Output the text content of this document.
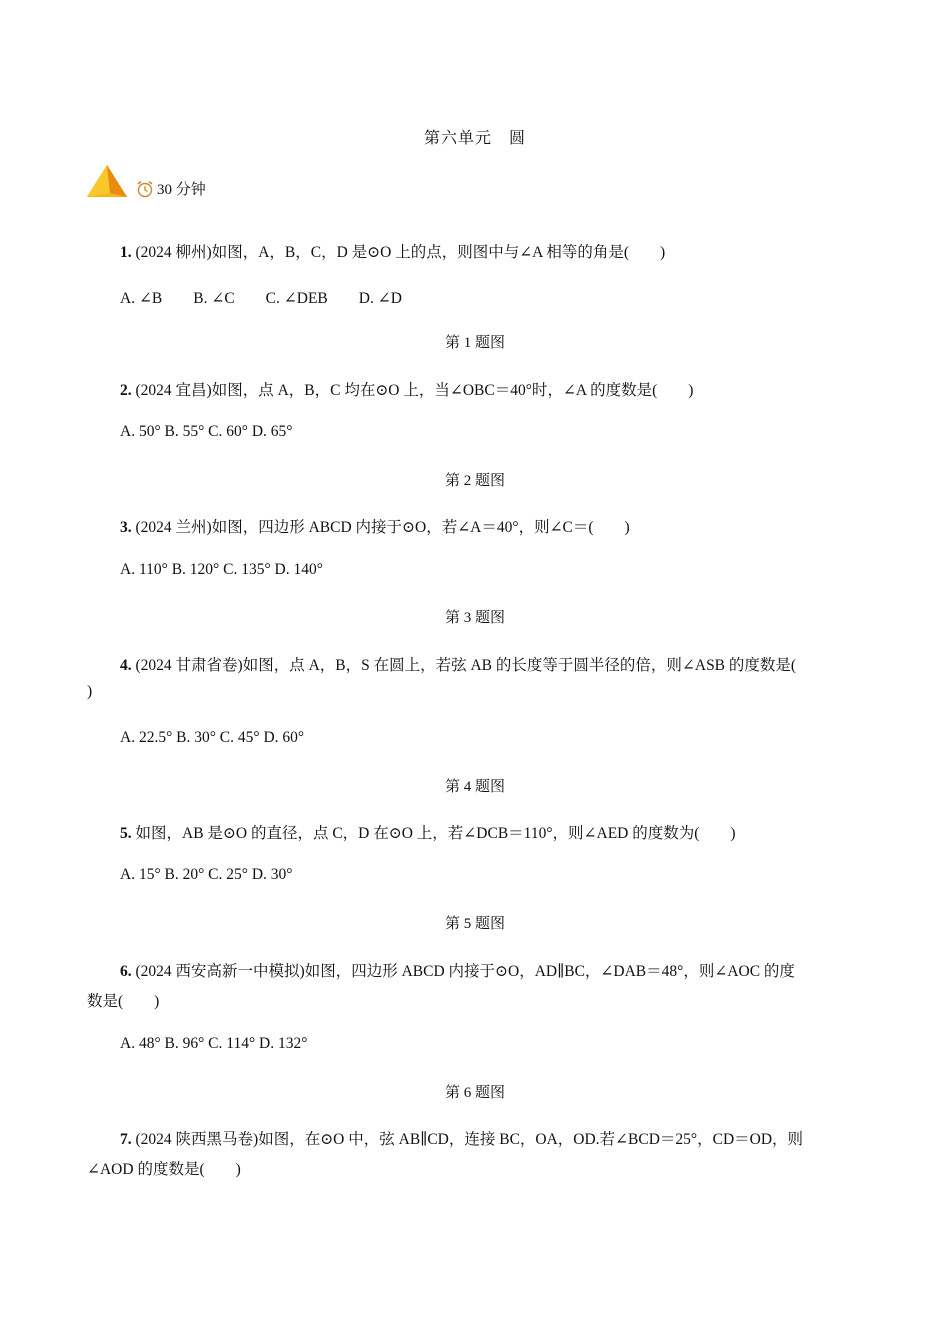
第六单元　圆
30 分钟
1. (2024 柳州)如图，A，B，C，D 是⊙O 上的点，则图中与∠A 相等的角是(　　)
A. ∠B　　B. ∠C　　C. ∠DEB　　D. ∠D
第 1 题图
2. (2024 宜昌)如图，点 A，B，C 均在⊙O 上，当∠OBC＝40°时，∠A 的度数是(　　)
A. 50° B. 55° C. 60° D. 65°
第 2 题图
3. (2024 兰州)如图，四边形 ABCD 内接于⊙O，若∠A＝40°，则∠C＝(　　)
A. 110° B. 120° C. 135° D. 140°
第 3 题图
4. (2024 甘肃省卷)如图，点 A，B，S 在圆上，若弦 AB 的长度等于圆半径的倍，则∠ASB 的度数是(
)
A. 22.5° B. 30° C. 45° D. 60°
第 4 题图
5. 如图，AB 是⊙O 的直径，点 C，D 在⊙O 上，若∠DCB＝110°，则∠AED 的度数为(　　)
A. 15° B. 20° C. 25° D. 30°
第 5 题图
6. (2024 西安高新一中模拟)如图，四边形 ABCD 内接于⊙O，AD∥BC，∠DAB＝48°，则∠AOC 的度
数是(　　)
A. 48° B. 96° C. 114° D. 132°
第 6 题图
7. (2024 陕西黑马卷)如图，在⊙O 中，弦 AB∥CD，连接 BC，OA，OD.若∠BCD＝25°，CD＝OD，则
∠AOD 的度数是(　　)
